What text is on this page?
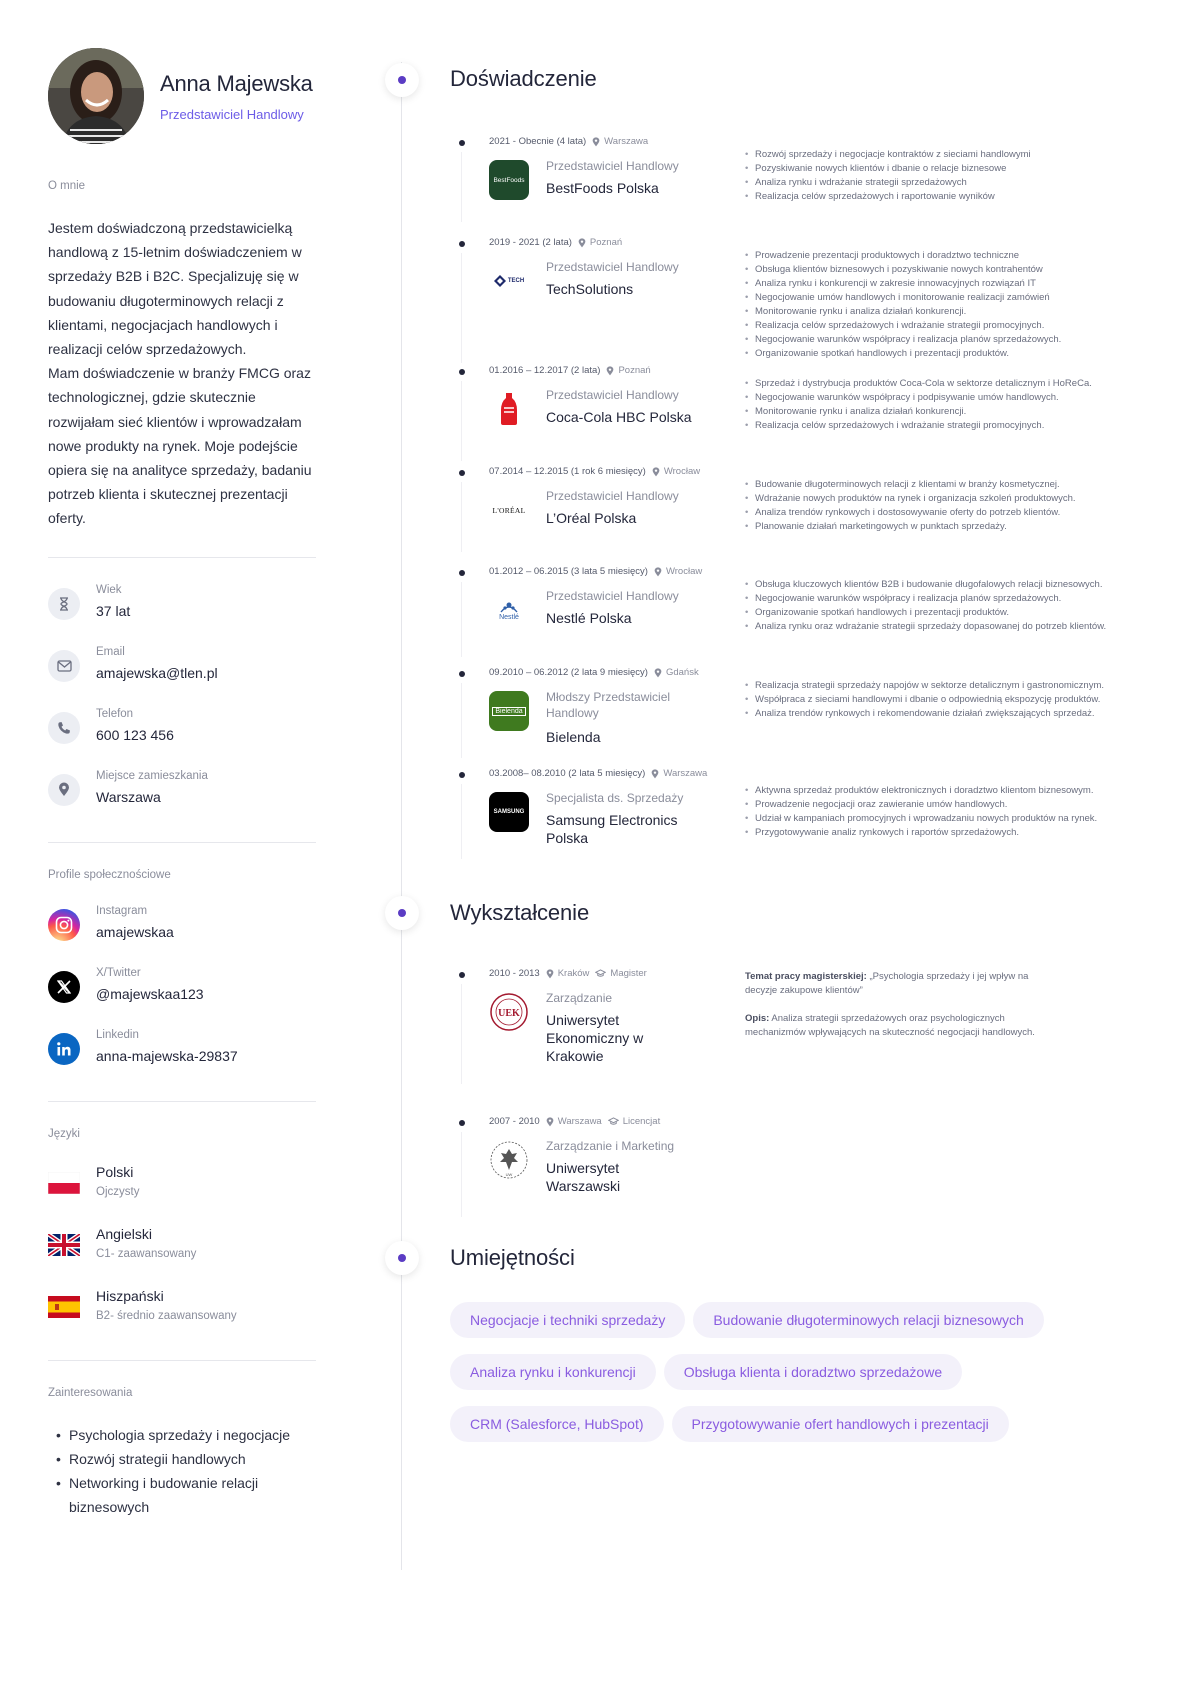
Anna Majewska
Przedstawiciel Handlowy
O mnie
Jestem doświadczoną przedstawicielką handlową z 15-letnim doświadczeniem w sprzedaży B2B i B2C. Specjalizuję się w budowaniu długoterminowych relacji z klientami, negocjacjach handlowych i realizacji celów sprzedażowych.
Mam doświadczenie w branży FMCG oraz technologicznej, gdzie skutecznie rozwijałam sieć klientów i wprowadzałam nowe produkty na rynek. Moje podejście opiera się na analityce sprzedaży, badaniu potrzeb klienta i skutecznej prezentacji oferty.
Wiek
37 lat
Email
amajewska@tlen.pl
Telefon
600 123 456
Miejsce zamieszkania
Warszawa
Profile społecznościowe
Instagram
amajewskaa
X/Twitter
@majewskaa123
Linkedin
anna-majewska-29837
Języki
Polski
Ojczysty
Angielski
C1- zaawansowany
Hiszpański
B2- średnio zaawansowany
Zainteresowania
• Psychologia sprzedaży i negocjacje
• Rozwój strategii handlowych
• Networking i budowanie relacji biznesowych
Doświadczenie
2021 - Obecnie (4 lata) Warszawa
BestFoods
Przedstawiciel Handlowy
BestFoods Polska
• Rozwój sprzedaży i negocjacje kontraktów z sieciami handlowymi
• Pozyskiwanie nowych klientów i dbanie o relacje biznesowe
• Analiza rynku i wdrażanie strategii sprzedażowych
• Realizacja celów sprzedażowych i raportowanie wyników
2019 - 2021 (2 lata) Poznań
TECH
Przedstawiciel Handlowy
TechSolutions
• Prowadzenie prezentacji produktowych i doradztwo techniczne
• Obsługa klientów biznesowych i pozyskiwanie nowych kontrahentów
• Analiza rynku i konkurencji w zakresie innowacyjnych rozwiązań IT
• Negocjowanie umów handlowych i monitorowanie realizacji zamówień
• Monitorowanie rynku i analiza działań konkurencji.
• Realizacja celów sprzedażowych i wdrażanie strategii promocyjnych.
• Negocjowanie warunków współpracy i realizacja planów sprzedażowych.
• Organizowanie spotkań handlowych i prezentacji produktów.
01.2016 – 12.2017 (2 lata) Poznań
Przedstawiciel Handlowy
Coca-Cola HBC Polska
• Sprzedaż i dystrybucja produktów Coca-Cola w sektorze detalicznym i HoReCa.
• Negocjowanie warunków współpracy i podpisywanie umów handlowych.
• Monitorowanie rynku i analiza działań konkurencji.
• Realizacja celów sprzedażowych i wdrażanie strategii promocyjnych.
07.2014 – 12.2015 (1 rok 6 miesięcy) Wrocław
L'ORÉAL
Przedstawiciel Handlowy
L’Oréal Polska
• Budowanie długoterminowych relacji z klientami w branży kosmetycznej.
• Wdrażanie nowych produktów na rynek i organizacja szkoleń produktowych.
• Analiza trendów rynkowych i dostosowywanie oferty do potrzeb klientów.
• Planowanie działań marketingowych w punktach sprzedaży.
01.2012 – 06.2015 (3 lata 5 miesięcy) Wrocław
Nestlé
Przedstawiciel Handlowy
Nestlé Polska
• Obsługa kluczowych klientów B2B i budowanie długofalowych relacji biznesowych.
• Negocjowanie warunków współpracy i realizacja planów sprzedażowych.
• Organizowanie spotkań handlowych i prezentacji produktów.
• Analiza rynku oraz wdrażanie strategii sprzedaży dopasowanej do potrzeb klientów.
09.2010 – 06.2012 (2 lata 9 miesięcy) Gdańsk
Bielenda
Młodszy Przedstawiciel Handlowy
Bielenda
• Realizacja strategii sprzedaży napojów w sektorze detalicznym i gastronomicznym.
• Współpraca z sieciami handlowymi i dbanie o odpowiednią ekspozycję produktów.
• Analiza trendów rynkowych i rekomendowanie działań zwiększających sprzedaż.
03.2008– 08.2010 (2 lata 5 miesięcy) Warszawa
SAMSUNG
Specjalista ds. Sprzedaży
Samsung Electronics Polska
• Aktywna sprzedaż produktów elektronicznych i doradztwo klientom biznesowym.
• Prowadzenie negocjacji oraz zawieranie umów handlowych.
• Udział w kampaniach promocyjnych i wprowadzaniu nowych produktów na rynek.
• Przygotowywanie analiz rynkowych i raportów sprzedażowych.
Wykształcenie
2010 - 2013 Kraków Magister
UEK
Zarządzanie
Uniwersytet Ekonomiczny w Krakowie

Temat pracy magisterskiej: „Psychologia sprzedaży i jej wpływ na decyzje zakupowe klientów”

Opis: Analiza strategii sprzedażowych oraz psychologicznych mechanizmów wpływających na skuteczność negocjacji handlowych.

2007 - 2010 Warszawa Licencjat
UW
Zarządzanie i Marketing
Uniwersytet Warszawski
Umiejętności
Negocjacje i techniki sprzedaży	Budowanie długoterminowych relacji biznesowych
Analiza rynku i konkurencji	Obsługa klienta i doradztwo sprzedażowe
CRM (Salesforce, HubSpot)	Przygotowywanie ofert handlowych i prezentacji
